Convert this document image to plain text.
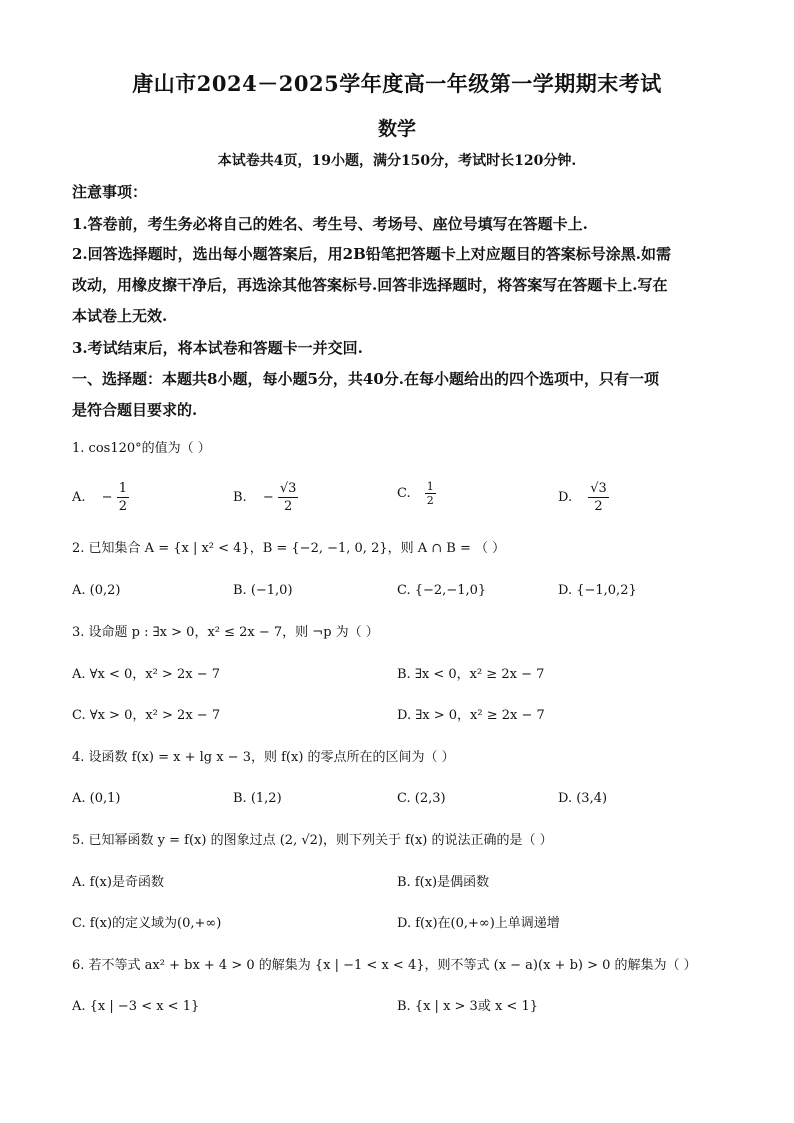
唐山市2024－2025学年度高一年级第一学期期末考试
数学
本试卷共4页，19小题，满分150分，考试时长120分钟.
注意事项：
1.答卷前，考生务必将自己的姓名、考生号、考场号、座位号填写在答题卡上.
2.回答选择题时，选出每小题答案后，用2B铅笔把答题卡上对应题目的答案标号涂黑.如需
改动，用橡皮擦干净后，再选涂其他答案标号.回答非选择题时，将答案写在答题卡上.写在
本试卷上无效.
3.考试结束后，将本试卷和答题卡一并交回.
一、选择题：本题共8小题，每小题5分，共40分.在每小题给出的四个选项中，只有一项
是符合题目要求的.
1. cos120°的值为（ ）
A. − $\frac{1}{2}$	B. − $\frac{√3}{2}$	C. $\frac{1}{2}$	D. $\frac{√3}{2}$
2. 已知集合 A = {x | x² < 4}，B = {−2, −1, 0, 2}，则 A ∩ B = （ ）
A. (0,2)	B. (−1,0)	C. {−2,−1,0}	D. {−1,0,2}
3. 设命题 p : ∃x > 0，x² ≤ 2x − 7，则 ¬p 为（ ）
A. ∀x < 0，x² > 2x − 7	B. ∃x < 0，x² ≥ 2x − 7
C. ∀x > 0，x² > 2x − 7	D. ∃x > 0，x² ≥ 2x − 7
4. 设函数 f(x) = x + lg x − 3，则 f(x) 的零点所在的区间为（ ）
A. (0,1)	B. (1,2)	C. (2,3)	D. (3,4)
5. 已知幂函数 y = f(x) 的图象过点 (2, √2)，则下列关于 f(x) 的说法正确的是（ ）
A. f(x)是奇函数	B. f(x)是偶函数
C. f(x)的定义域为(0,+∞)	D. f(x)在(0,+∞)上单调递增
6. 若不等式 ax² + bx + 4 > 0 的解集为 {x | −1 < x < 4}，则不等式 (x − a)(x + b) > 0 的解集为（ ）
A. {x | −3 < x < 1}	B. {x | x > 3或 x < 1}
